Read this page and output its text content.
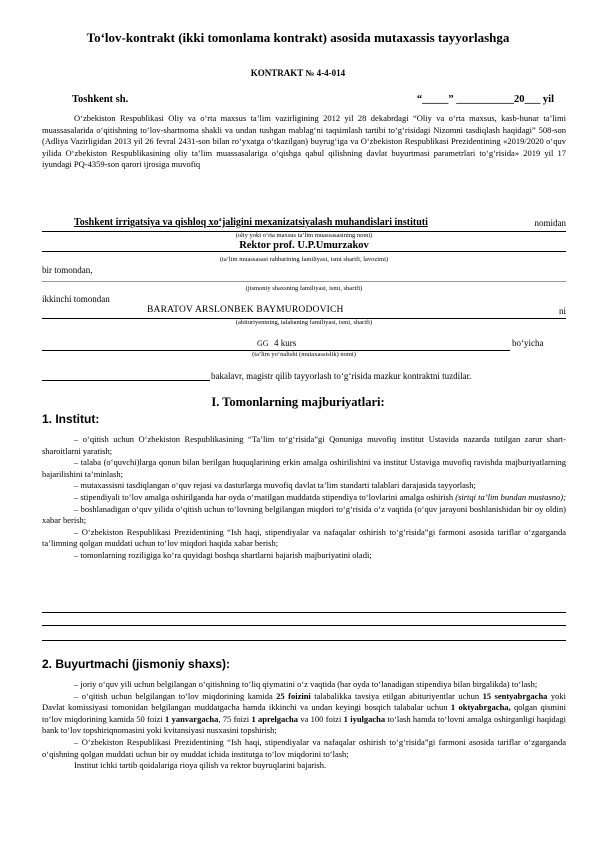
To‘lov-kontrakt (ikki tomonlama kontrakt) asosida mutaxassis tayyorlashga
KONTRAKT № 4-4-014
Toshkent sh.	“_____” ___________20___ yil
O‘zbekiston Respublikasi Oliy va o‘rta maxsus ta’lim vazirligining 2012 yil 28 dekabrdagi “Oliy va o‘rta maxsus, kasb-hunar ta’limi muassasalarida o‘qitishning to‘lov-shartnoma shakli va undan tushgan mablag‘ni taqsimlash tartibi to‘g‘risidagi Nizomni tasdiqlash haqidagi” 508-son (Adliya Vazirligidan 2013 yil 26 fevral 2431-son bilan ro‘yxatga o‘tkazilgan) buyrug‘iga va O‘zbekiston Respublikasi Prezidentining «2019/2020 o‘quv yilida O‘zbekiston Respublikasining oliy ta’lim muassasalariga o‘qishga qabul qilishning davlat buyurtmasi parametrlari to‘g‘risida» 2019 yil 17 iyundagi PQ-4359-son qarori ijrosiga muvofiq
Toshkent irrigatsiya va qishloq xo‘jaligini mexanizatsiyalash muhandislari instituti	nomidan
(oliy yoki o‘rta maxsus ta’lim muassasasining nomi)
Rektor prof. U.P.Umurzakov
(ta’lim muassasasi rahbarining familiyasi, ismi sharifi, lavozimi)
bir tomondan,
(jismoniy shaxsning familiyasi, ismi, sharifi)
ikkinchi tomondan
BARATOV ARSLONBEK BAYMURODOVICH	ni
(abituriyentning, talabaning familiyasi, ismi, sharifi)
GG 4 kurs	bo‘yicha
(ta’lim yo‘nalishi (mutaxassislik) nomi)
bakalavr, magistr qilib tayyorlash to‘g‘risida mazkur kontraktni tuzdilar.
I. Tomonlarning majburiyatlari:
1. Institut:
– o‘qitish uchun O‘zbekiston Respublikasining “Ta’lim to‘g‘risida”gi Qonuniga muvofiq institut Ustavida nazarda tutilgan zarur shart-sharoitlarni yaratish;
– talaba (o‘quvchi)larga qonun bilan berilgan huquqlarining erkin amalga oshirilishini va institut Ustaviga muvofiq ravishda majburiyatlarning bajarilishini ta’minlash;
– mutaxassisni tasdiqlangan o‘quv rejasi va dasturlarga muvofiq davlat ta’lim standarti talablari darajasida tayyorlash;
– stipendiyali to‘lov amalga oshirilganda har oyda o‘rnatilgan muddatda stipendiya to‘lovlarini amalga oshirish (sirtqi ta’lim bundan mustasno);
– boshlanadigan o‘quv yilida o‘qitish uchun to‘lovning belgilangan miqdori to‘g‘risida o‘z vaqtida (o‘quv jarayoni boshlanishidan bir oy oldin) xabar berish;
– O‘zbekiston Respublikasi Prezidentining “Ish haqi, stipendiyalar va nafaqalar oshirish to‘g‘risida”gi farmoni asosida tariflar o‘zgarganda ta’limning qolgan muddati uchun to‘lov miqdori haqida xabar berish;
– tomonlarning roziligiga ko‘ra quyidagi boshqa shartlarni bajarish majburiyatini oladi;
2. Buyurtmachi (jismoniy shaxs):
– joriy o‘quv yili uchun belgilangan o‘qitishning to‘liq qiymatini o‘z vaqtida (har oyda to‘lanadigan stipendiya bilan birgalikda) to‘lash;
– o‘qitish uchun belgilangan to‘lov miqdorining kamida 25 foizini talabalikka tavsiya etilgan abituriyentlar uchun 15 sentyabrgacha yoki Davlat komissiyasi tomonidan belgilangan muddatgacha hamda ikkinchi va undan keyingi bosqich talabalar uchun 1 oktyabrgacha, qolgan qismini to‘lov miqdorining kamida 50 foizi 1 yanvargacha, 75 foizi 1 aprelgacha va 100 foizi 1 iyulgacha to‘lash hamda to‘lovni amalga oshirganligi haqidagi bank to‘lov topshiriqnomasini yoki kvitansiyasi nusxasini topshirish;
– O‘zbekiston Respublikasi Prezidentining “Ish haqi, stipendiyalar va nafaqalar oshirish to‘g‘risida”gi farmoni asosida tariflar o‘zgarganda o‘qishning qolgan muddati uchun bir oy muddat ichida institutga to‘lov miqdorini to‘lash;
Institut ichki tartib qoidalariga rioya qilish va rektor buyruqlarini bajarish.
